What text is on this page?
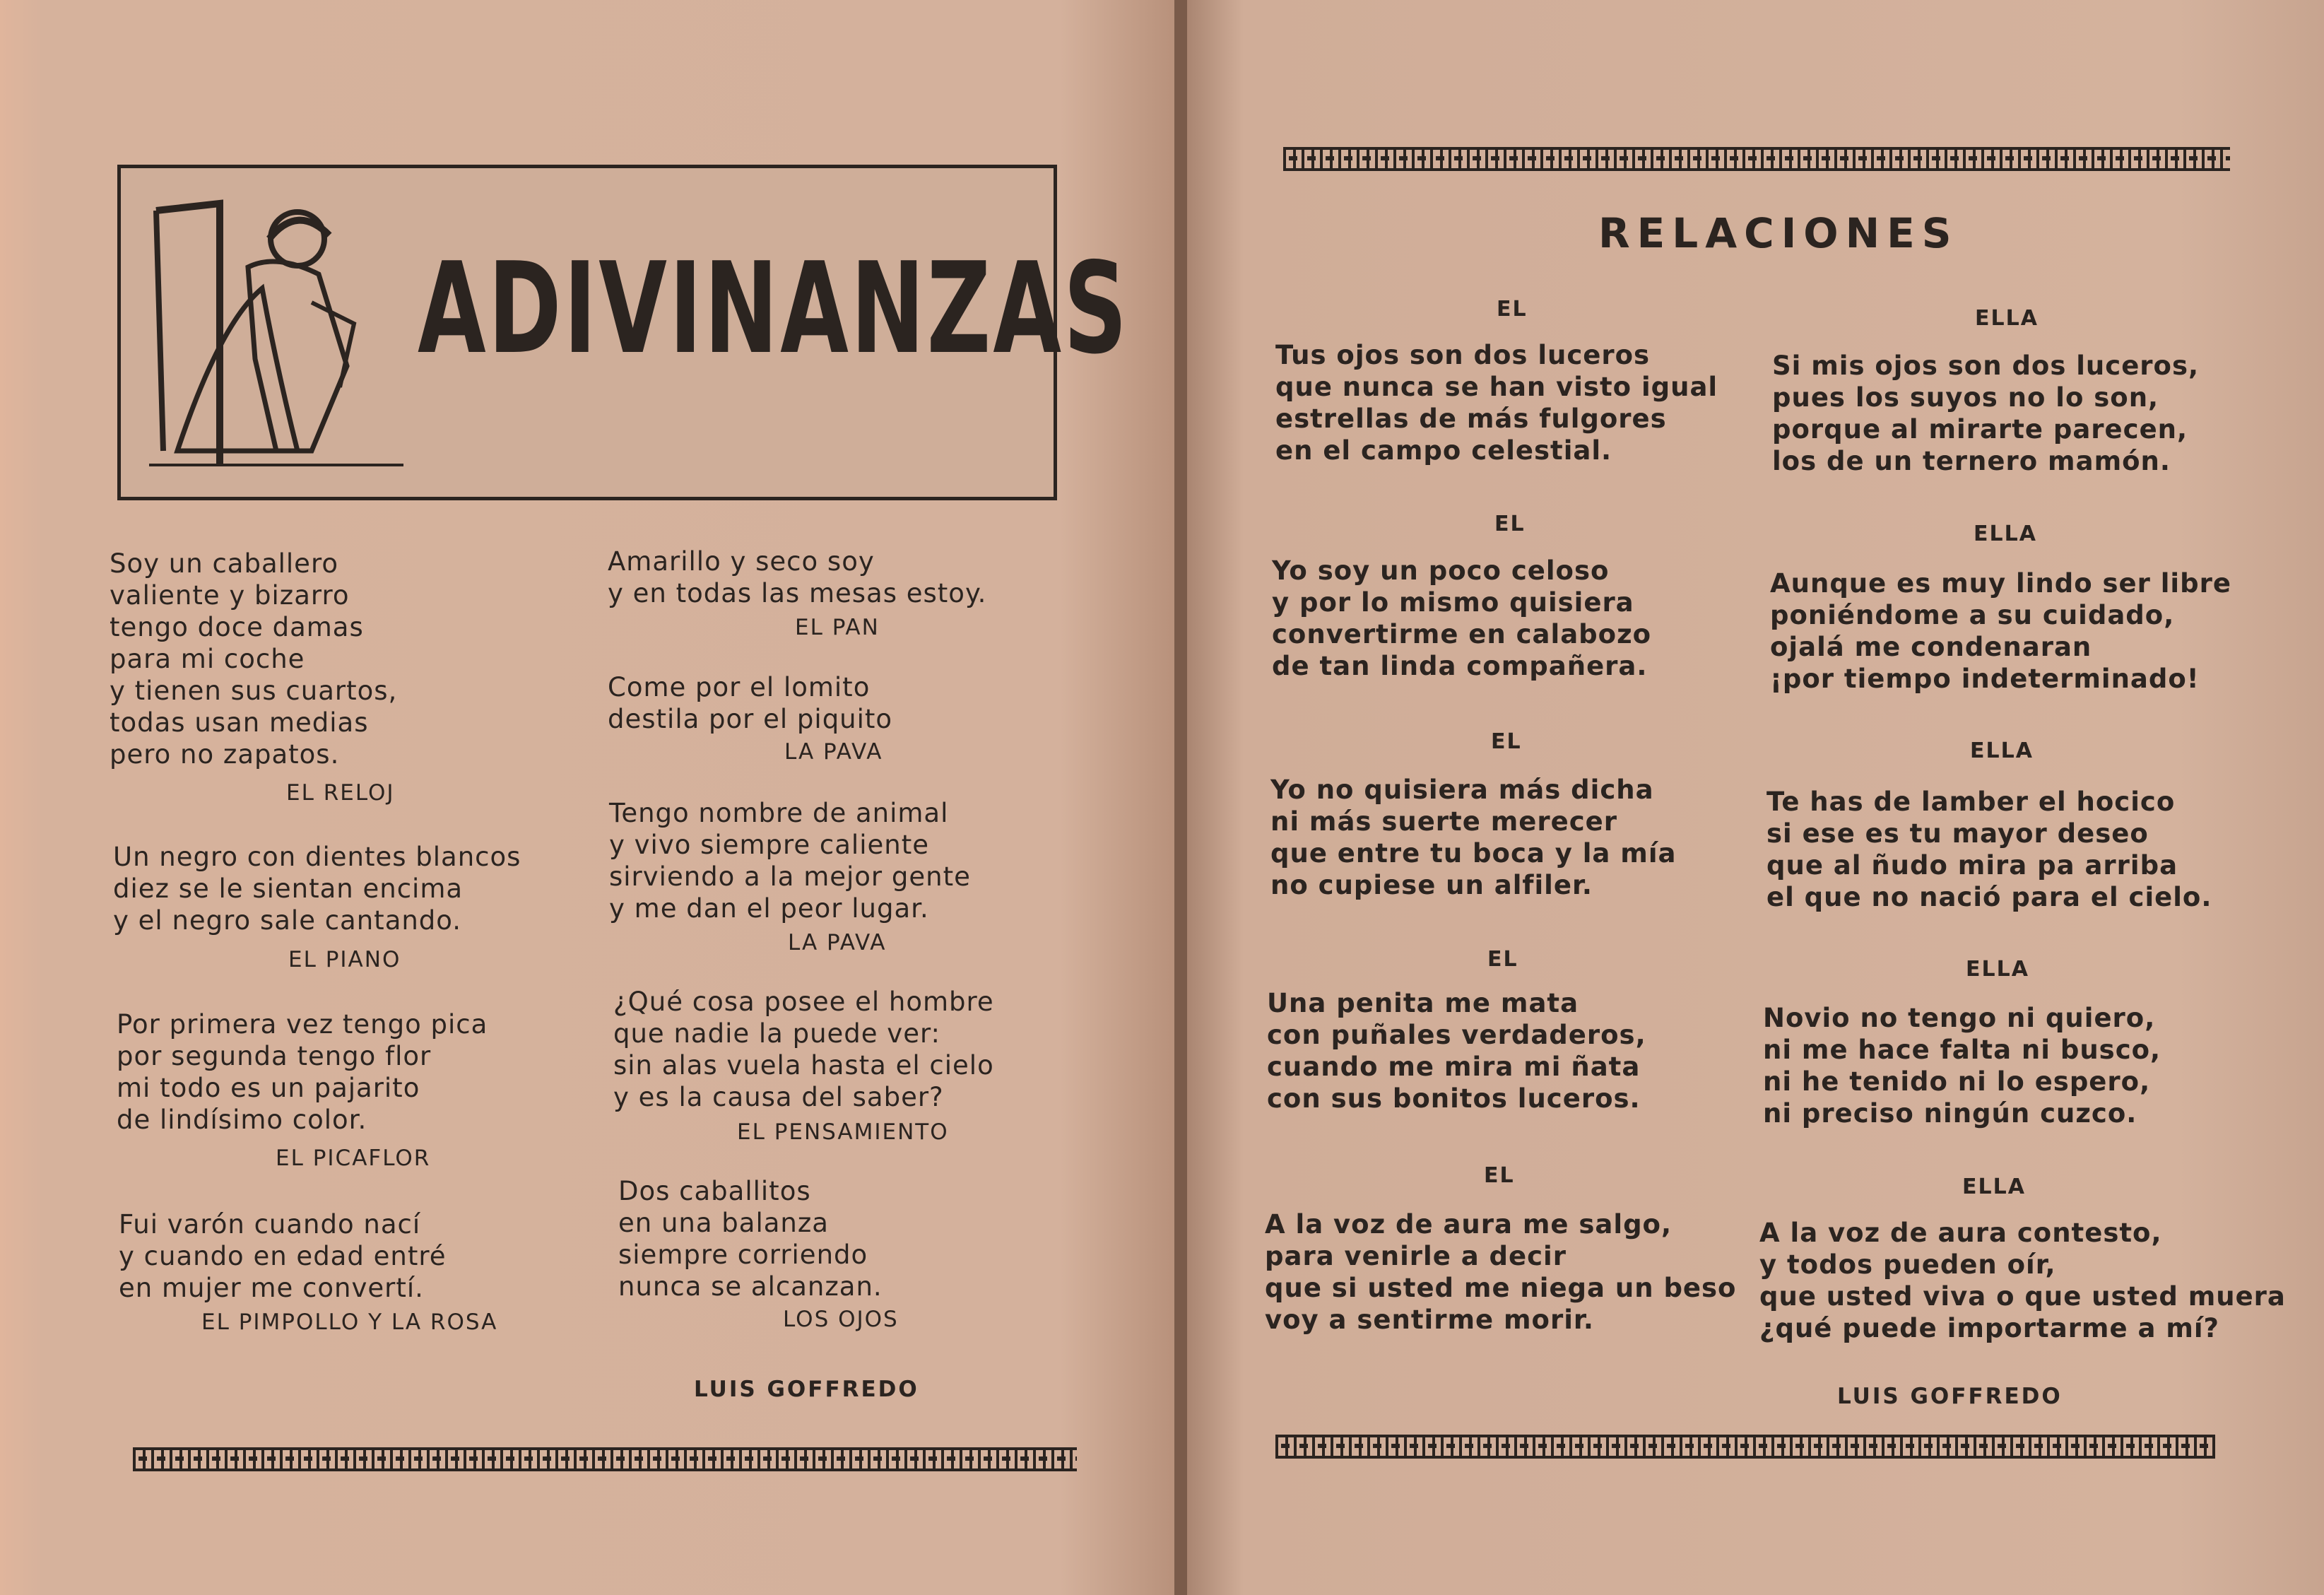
ADIVINANZAS
Soy un caballero
valiente y bizarro
tengo doce damas
para mi coche
y tienen sus cuartos,
todas usan medias
pero no zapatos.
EL RELOJ
Un negro con dientes blancos
diez se le sientan encima
y el negro sale cantando.
EL PIANO
Por primera vez tengo pica
por segunda tengo flor
mi todo es un pajarito
de lindísimo color.
EL PICAFLOR
Fui varón cuando nací
y cuando en edad entré
en mujer me convertí.
EL PIMPOLLO Y LA ROSA
Amarillo y seco soy
y en todas las mesas estoy.
EL PAN
Come por el lomito
destila por el piquito
LA PAVA
Tengo nombre de animal
y vivo siempre caliente
sirviendo a la mejor gente
y me dan el peor lugar.
LA PAVA
¿Qué cosa posee el hombre
que nadie la puede ver:
sin alas vuela hasta el cielo
y es la causa del saber?
EL PENSAMIENTO
Dos caballitos
en una balanza
siempre corriendo
nunca se alcanzan.
LOS OJOS
LUIS GOFFREDO
RELACIONES
EL
Tus ojos son dos luceros
que nunca se han visto igual
estrellas de más fulgores
en el campo celestial.
EL
Yo soy un poco celoso
y por lo mismo quisiera
convertirme en calabozo
de tan linda compañera.
EL
Yo no quisiera más dicha
ni más suerte merecer
que entre tu boca y la mía
no cupiese un alfiler.
EL
Una penita me mata
con puñales verdaderos,
cuando me mira mi ñata
con sus bonitos luceros.
EL
A la voz de aura me salgo,
para venirle a decir
que si usted me niega un beso
voy a sentirme morir.
ELLA
Si mis ojos son dos luceros,
pues los suyos no lo son,
porque al mirarte parecen,
los de un ternero mamón.
ELLA
Aunque es muy lindo ser libre
poniéndome a su cuidado,
ojalá me condenaran
¡por tiempo indeterminado!
ELLA
Te has de lamber el hocico
si ese es tu mayor deseo
que al ñudo mira pa arriba
el que no nació para el cielo.
ELLA
Novio no tengo ni quiero,
ni me hace falta ni busco,
ni he tenido ni lo espero,
ni preciso ningún cuzco.
ELLA
A la voz de aura contesto,
y todos pueden oír,
que usted viva o que usted muera
¿qué puede importarme a mí?
LUIS GOFFREDO
